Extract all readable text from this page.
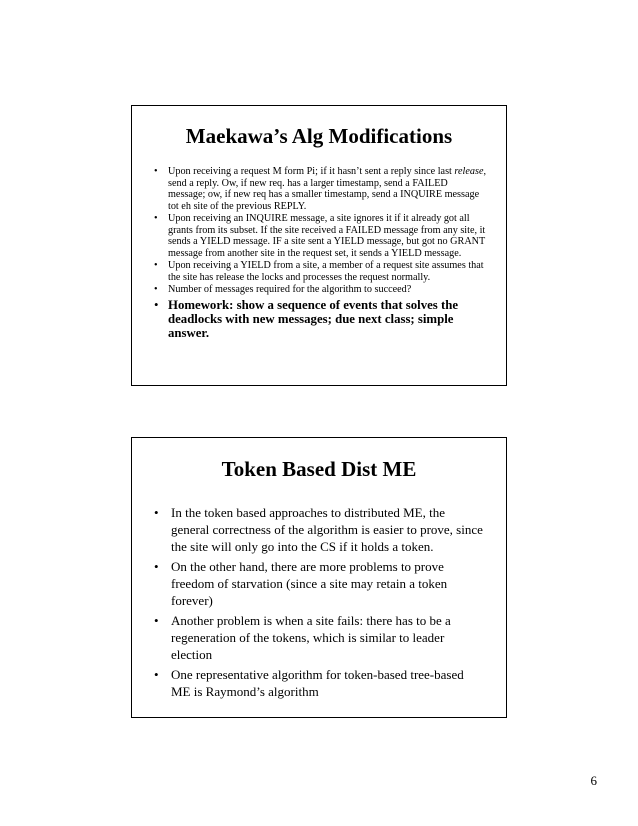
Maekawa’s Alg Modifications
• Upon receiving a request M form Pi; if it hasn’t sent a reply since last release, send a reply. Ow, if new req. has a larger timestamp, send a FAILED message; ow, if new req has a smaller timestamp, send a INQUIRE message tot eh site of the previous REPLY.
• Upon receiving an INQUIRE message, a site ignores it if it already got all grants from its subset. If the site received a FAILED message from any site, it sends a YIELD message. IF a site sent a YIELD message, but got no GRANT message from another site in the request set, it sends a YIELD message.
• Upon receiving a YIELD from a site, a member of a request site assumes that the site has release the locks and processes the request normally.
• Number of messages required for the algorithm to succeed?
• Homework: show a sequence of events that solves the deadlocks with new messages; due next class; simple answer.
Token Based Dist ME
• In the token based approaches to distributed ME, the general correctness of the algorithm is easier to prove, since the site will only go into the CS if it holds a token.
• On the other hand, there are more problems to prove freedom of starvation (since a site may retain a token forever)
• Another problem is when a site fails: there has to be a regeneration of the tokens, which is similar to leader election
• One representative algorithm for token-based tree-based ME is Raymond’s algorithm
6
